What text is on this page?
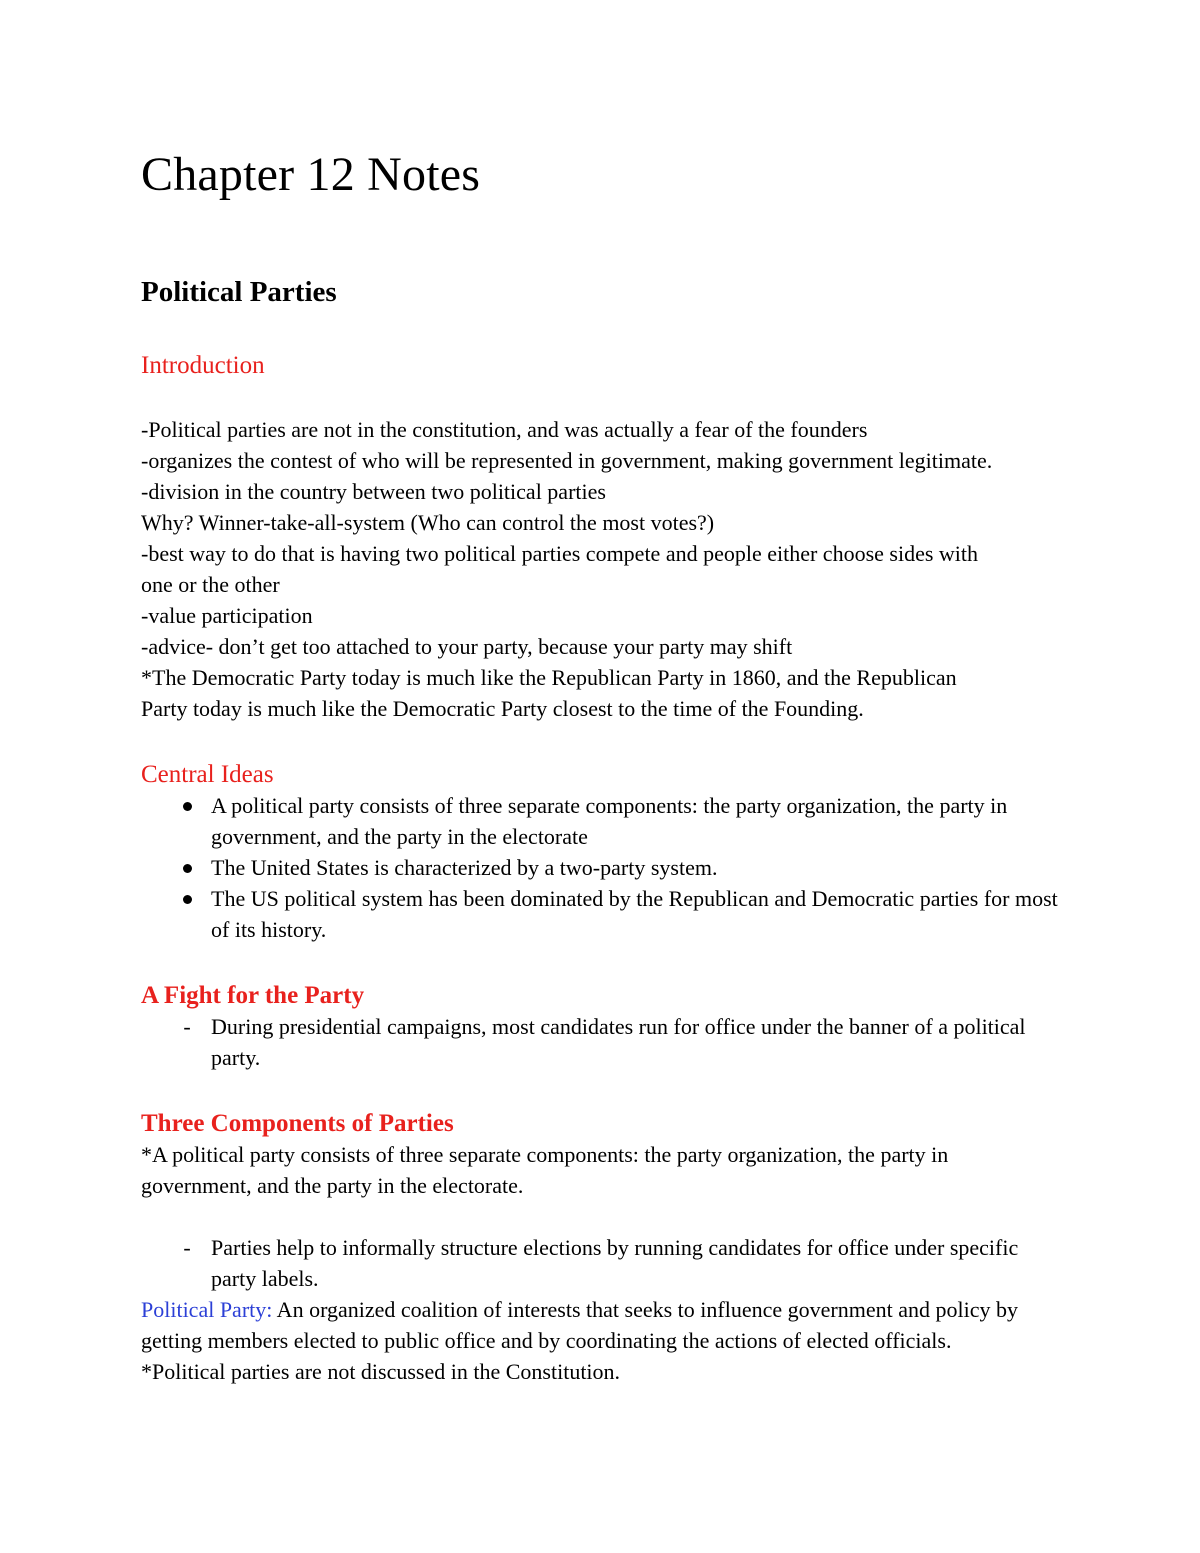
Chapter 12 Notes
Political Parties
Introduction

-Political parties are not in the constitution, and was actually a fear of the founders

-organizes the contest of who will be represented in government, making government legitimate.

-division in the country between two political parties

Why? Winner-take-all-system (Who can control the most votes?)

-best way to do that is having two political parties compete and people either choose sides with

one or the other

-value participation

-advice- don’t get too attached to your party, because your party may shift

*The Democratic Party today is much like the Republican Party in 1860, and the Republican

Party today is much like the Democratic Party closest to the time of the Founding.

Central Ideas
A political party consists of three separate components: the party organization, the party in government, and the party in the electorate
The United States is characterized by a two-party system.
The US political system has been dominated by the Republican and Democratic parties for most of its history.
A Fight for the Party
- During presidential campaigns, most candidates run for office under the banner of a political party.
Three Components of Parties

*A political party consists of three separate components: the party organization, the party in government, and the party in the electorate.

- Parties help to informally structure elections by running candidates for office under specific party labels.

Political Party: An organized coalition of interests that seeks to influence government and policy by getting members elected to public office and by coordinating the actions of elected officials.

*Political parties are not discussed in the Constitution.
